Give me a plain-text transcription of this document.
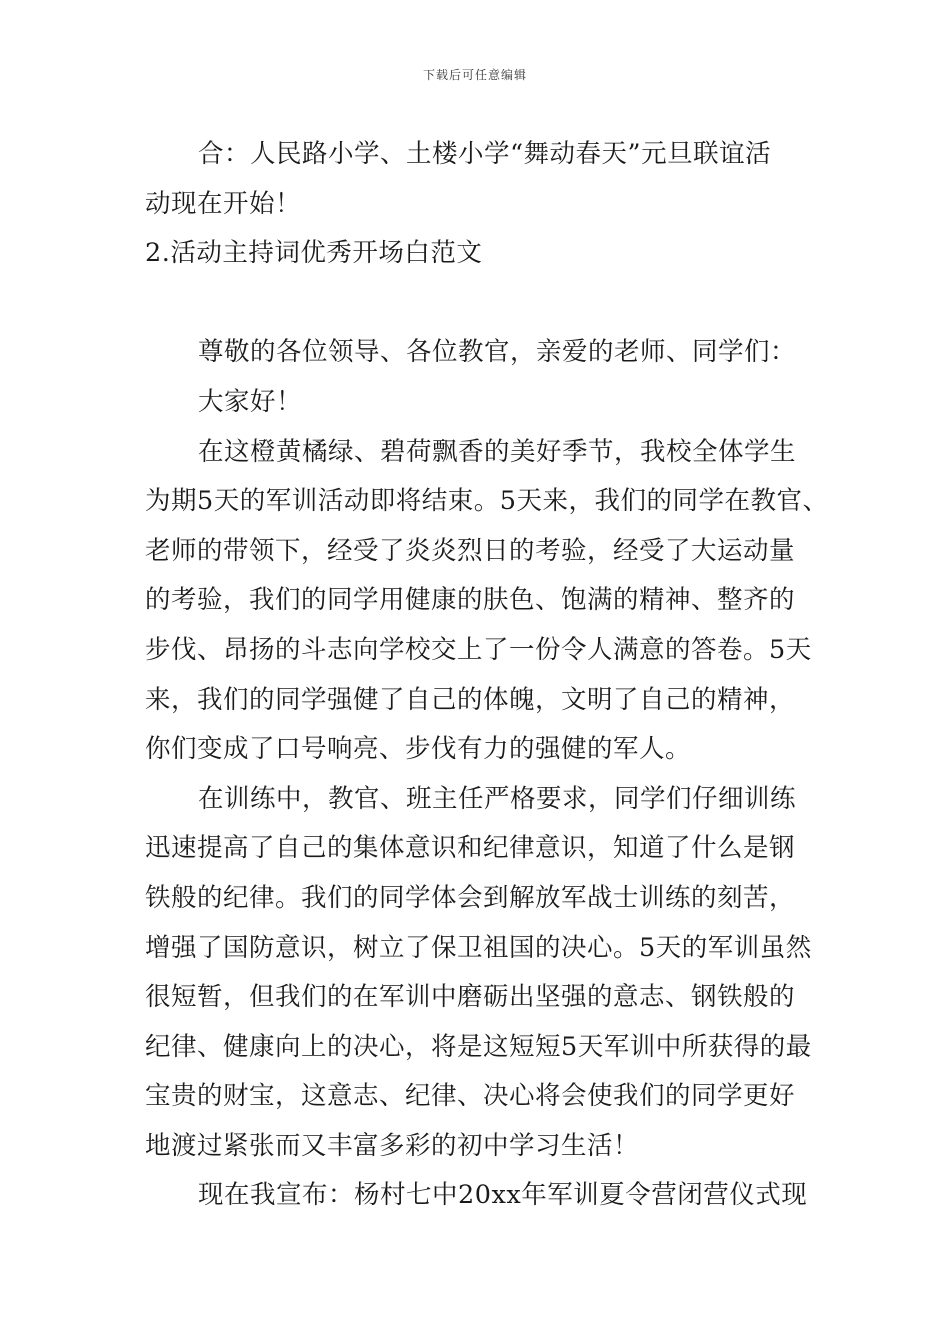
下载后可任意编辑
合：人民路小学、土楼小学“舞动春天”元旦联谊活
动现在开始！
2.活动主持词优秀开场白范文
尊敬的各位领导、各位教官，亲爱的老师、同学们：
大家好！
在这橙黄橘绿、碧荷飘香的美好季节，我校全体学生
为期5天的军训活动即将结束。5天来，我们的同学在教官、
老师的带领下，经受了炎炎烈日的考验，经受了大运动量
的考验，我们的同学用健康的肤色、饱满的精神、整齐的
步伐、昂扬的斗志向学校交上了一份令人满意的答卷。5天
来，我们的同学强健了自己的体魄，文明了自己的精神，
你们变成了口号响亮、步伐有力的强健的军人。
在训练中，教官、班主任严格要求，同学们仔细训练
迅速提高了自己的集体意识和纪律意识，知道了什么是钢
铁般的纪律。我们的同学体会到解放军战士训练的刻苦，
增强了国防意识，树立了保卫祖国的决心。5天的军训虽然
很短暂，但我们的在军训中磨砺出坚强的意志、钢铁般的
纪律、健康向上的决心，将是这短短5天军训中所获得的最
宝贵的财宝，这意志、纪律、决心将会使我们的同学更好
地渡过紧张而又丰富多彩的初中学习生活！
现在我宣布：杨村七中20xx年军训夏令营闭营仪式现
